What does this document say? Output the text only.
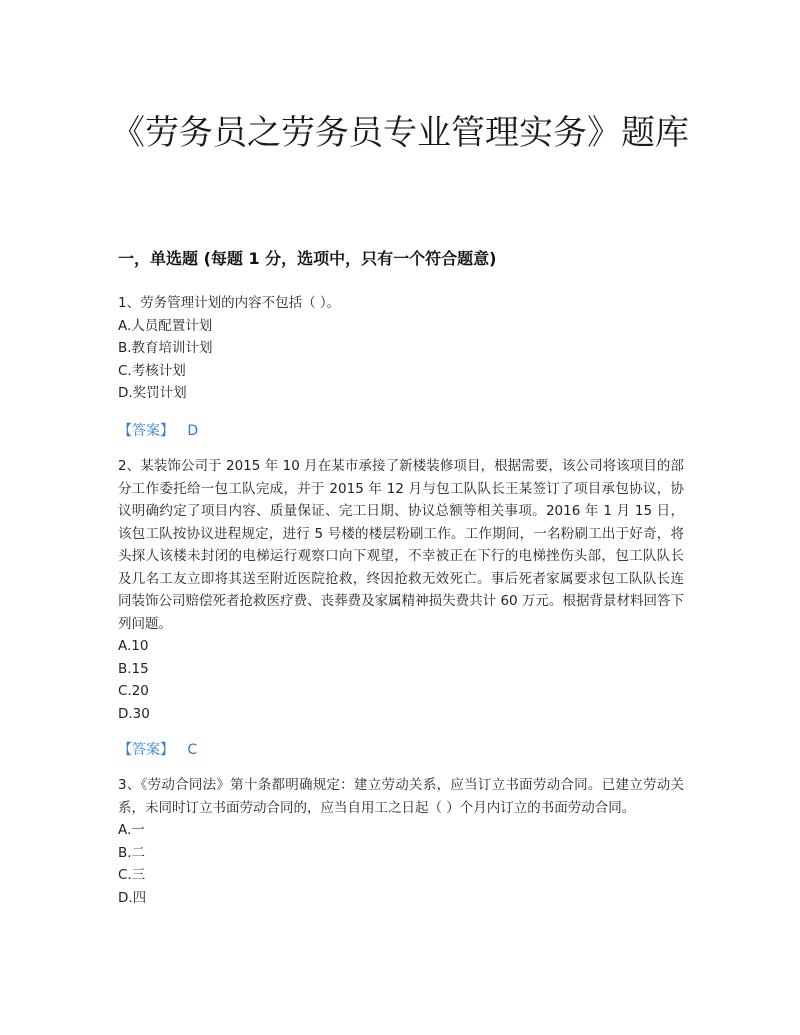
《劳务员之劳务员专业管理实务》题库
一，单选题 (每题 1 分，选项中，只有一个符合题意)

1、劳务管理计划的内容不包括（ ）。

A.人员配置计划

B.教育培训计划

C.考核计划

D.奖罚计划

【答案】 D

2、某装饰公司于 2015 年 10 月在某市承接了新楼装修项目，根据需要，该公司将该项目的部分工作委托给一包工队完成，并于 2015 年 12 月与包工队队长王某签订了项目承包协议，协议明确约定了项目内容、质量保证、完工日期、协议总额等相关事项。2016 年 1 月 15 日，该包工队按协议进程规定，进行 5 号楼的楼层粉刷工作。工作期间，一名粉刷工出于好奇，将头探人该楼未封闭的电梯运行观察口向下观望，不幸被正在下行的电梯挫伤头部，包工队队长及几名工友立即将其送至附近医院抢救，终因抢救无效死亡。事后死者家属要求包工队队长连同装饰公司赔偿死者抢救医疗费、丧葬费及家属精神损失费共计 60 万元。根据背景材料回答下列问题。

A.10

B.15

C.20

D.30

【答案】 C

3、《劳动合同法》第十条都明确规定：建立劳动关系，应当订立书面劳动合同。已建立劳动关系，未同时订立书面劳动合同的，应当自用工之日起（ ）个月内订立的书面劳动合同。

A.一

B.二

C.三

D.四
